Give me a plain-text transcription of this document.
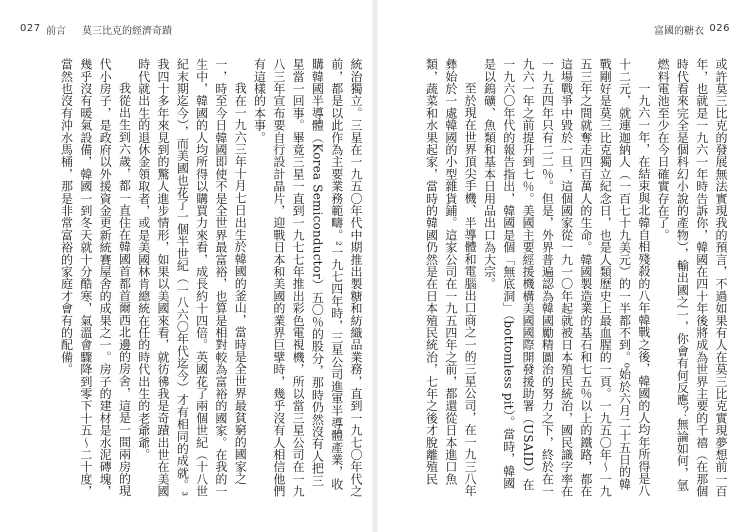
027 前言 莫三比克的經濟奇蹟

統治獨立。三星在一九五〇年代中期推出製糖和紡織品業務，直到一九七〇年代之前，都是以此作為主要業務範疇。²一九七四年時，三星公司進軍半導體產業，收購韓國半導體（Korea Semiconductor）五〇％的股分，那時仍然沒有人把三星當一回事。畢竟三星一直到一九七七年推出彩色電視機，所以當三星公司在一九八三年宣布要自行設計晶片，迎戰日本和美國的業界巨擘時，幾乎沒有人相信他們有這樣的本事。

我在一九六三年十月七日出生於韓國的釜山，當時是全世界最貧窮的國家之一，時至今日韓國即使不是全世界最富裕，也算是相對較為富裕的國家。在我的一生中，韓國的人均所得以購買力來看，成長約十四倍。英國花了兩個世紀（十八世紀末期迄今），而美國也花了一個半世紀（一八六〇年代迄今）才有相同的成就。³我四十多年來見到的驚人進步情形，如果以美國來看，就彷彿我是奇蹟出世在美國時代就出生的退休金領取者，或是美國林肯總統在任的時代出生的老爺爺。

我從出生到六歲，都一直住在韓國首都首爾西北邊的房舍，這是一間兩房的現代小房子，是政府以外援資金更新統賽屋舍的成果之一。房子的建材是水泥磚塊，幾乎沒有暖氣設備，韓國一到冬天就十分酷寒，氣溫會驟降到零下十五～二十度，當然也沒有沖水馬桶，那是非常富裕的家庭才會有的配備。

富國的糖衣 026

或許莫三比克的發展無法實現我的預言，不過如果有人在莫三比克實現夢想前一百年，也就是一九六一年時告訴你，韓國在四十年後將成為世界主要的千禧（在那個時代看來完全是個科幻小說的產物），輸出國之一，你會有何反應？無論如何，氫燃料電池至少在今日確實存在了。

一九六一年，在結束與北韓自相殘殺的八年韓戰之後，韓國的人均年所得是八十二元，就連迦納人（一百七十九美元）的一半都不到。⁰始於六月二十五日的韓戰剛好是莫三比克獨立紀念日，也是人類歷史上最血腥的一頁。一九五〇年～一九五三年之間就奪走四百萬人的生命。韓國製造業的基石和七五％以上的鐵路，都在這場戰爭中毀於一旦，這個國家從一九一〇年起就被日本殖民統治，國民識字率在一九五四年只有二二％。但是，外界普遍認為韓國勵精圖治的努力之下，終於在一九六一年之前提升到七％。美國主要經援機構美國國際開發援助署（USAID）在一九六〇年代的報告指出，韓國是個「無底洞」（bottomless pit）。當時，韓國是以鎢礦、魚類和基本日用品出口為大宗。

至於現在世界頂尖手機、半導體和電腦出口商之一的三星公司，在一九三八年彝始於一處韓國的小型雜貨鋪。這家公司在一九五四年之前，都還從日本進口魚類，蔬菜和水果起家，當時的韓國仍然是在日本殖民統治，七年之後才脫離殖民
